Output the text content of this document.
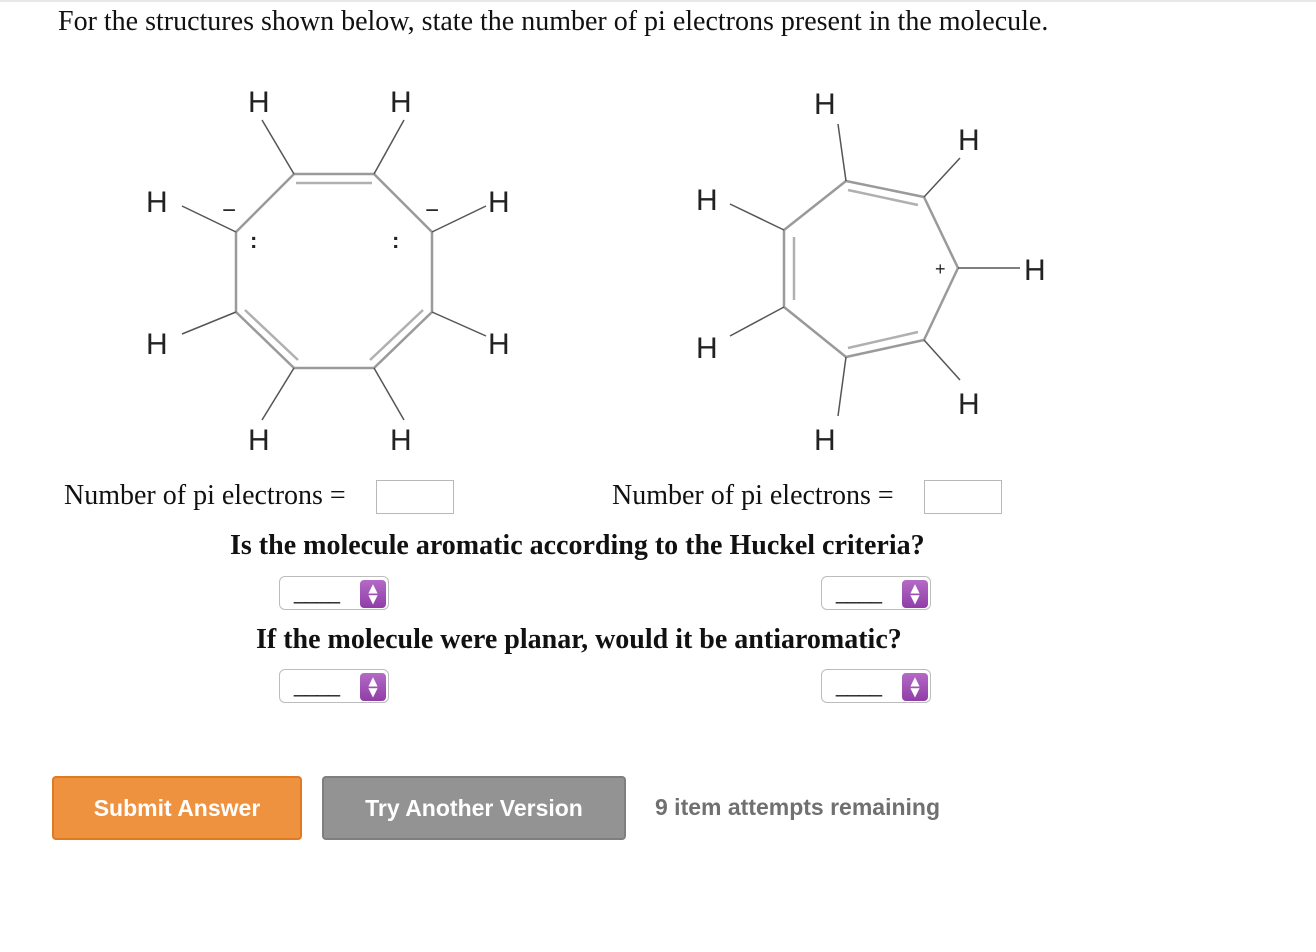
For the structures shown below, state the number of pi electrons present in the molecule.
H	H
H
H
H
H
H
H −	−
:	:
H
H
H
H
H
H
H
+
Number of pi electrons =	Number of pi electrons =
Is the molecule aromatic according to the Huckel criteria?
____	▲
▼	____	▲
▼
If the molecule were planar, would it be antiaromatic?
____	▲
▼	____	▲
▼
Submit Answer	Try Another Version	9 item attempts remaining
